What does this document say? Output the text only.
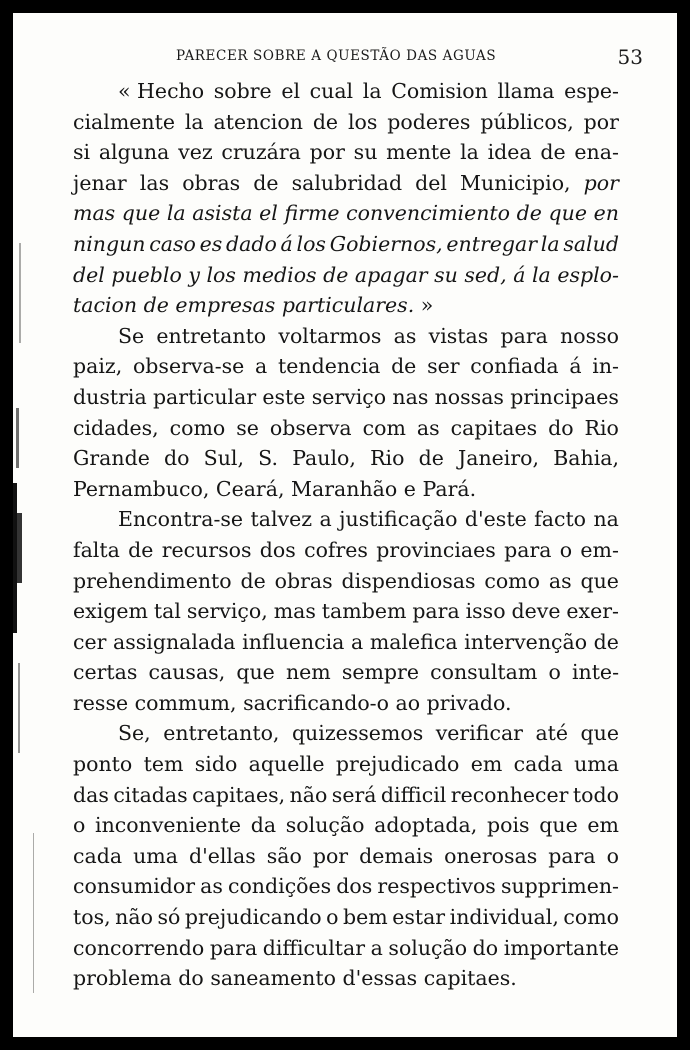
PARECER SOBRE A QUESTÃO DAS AGUAS	53
« Hecho sobre el cual la Comision llama espe-
cialmente la atencion de los poderes públicos, por
si alguna vez cruzára por su mente la idea de ena-
jenar las obras de salubridad del Municipio, por
mas que la asista el firme convencimiento de que en
ningun caso es dado á los Gobiernos, entregar la salud
del pueblo y los medios de apagar su sed, á la esplo-
tacion de empresas particulares. »
Se entretanto voltarmos as vistas para nosso
paiz, observa-se a tendencia de ser confiada á in-
dustria particular este serviço nas nossas principaes
cidades, como se observa com as capitaes do Rio
Grande do Sul, S. Paulo, Rio de Janeiro, Bahia,
Pernambuco, Ceará, Maranhão e Pará.
Encontra-se talvez a justificação d'este facto na
falta de recursos dos cofres provinciaes para o em-
prehendimento de obras dispendiosas como as que
exigem tal serviço, mas tambem para isso deve exer-
cer assignalada influencia a malefica intervenção de
certas causas, que nem sempre consultam o inte-
resse commum, sacrificando-o ao privado.
Se, entretanto, quizessemos verificar até que
ponto tem sido aquelle prejudicado em cada uma
das citadas capitaes, não será difficil reconhecer todo
o inconveniente da solução adoptada, pois que em
cada uma d'ellas são por demais onerosas para o
consumidor as condições dos respectivos supprimen-
tos, não só prejudicando o bem estar individual, como
concorrendo para difficultar a solução do importante
problema do saneamento d'essas capitaes.
